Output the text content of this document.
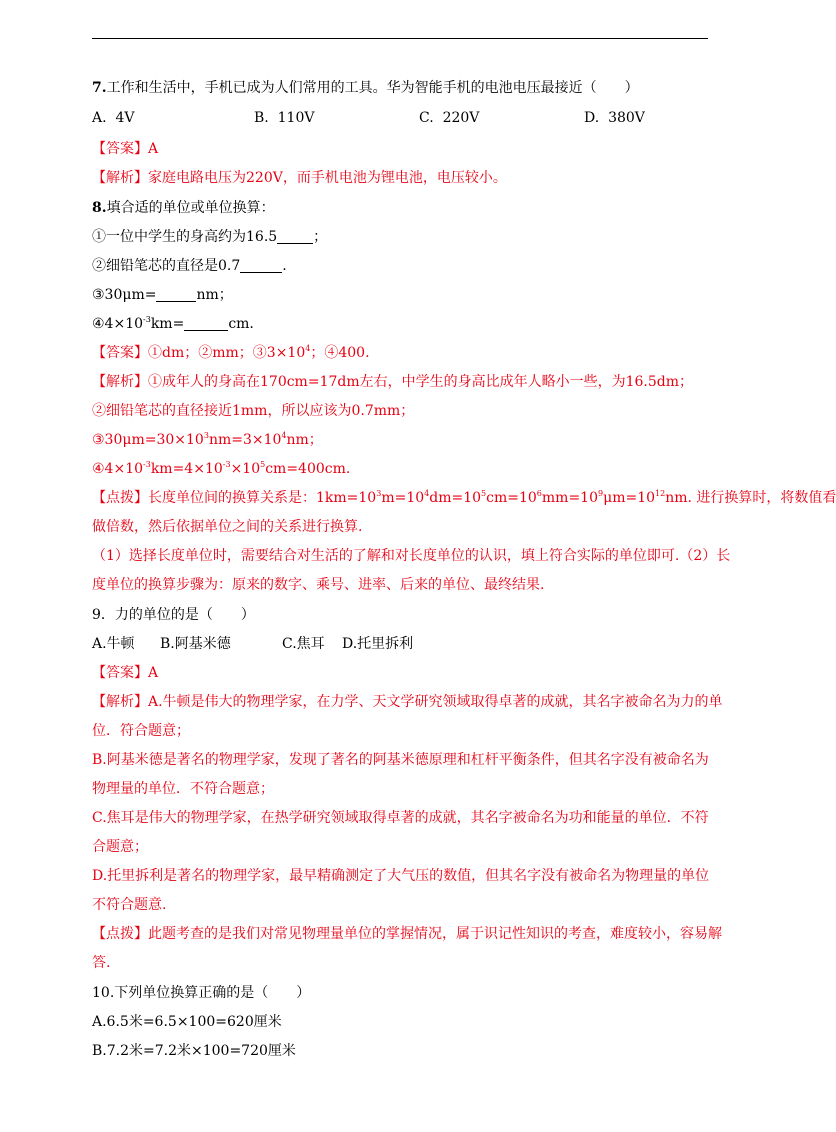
7.工作和生活中，手机已成为人们常用的工具。华为智能手机的电池电压最接近（　　）

A.  4V

	B.  110V

	C.  220V

	D.  380V

【答案】A
【解析】家庭电路电压为220V，而手机电池为锂电池，电压较小。
8.填合适的单位或单位换算：
①一位中学生的身高约为16.5	；
②细铅笔芯的直径是0.7	.
③30μm=	nm；
$④4\times 10^{-3}km=$	cm.
【答案】①dm；②mm；$③3\times 10^4$；④400.
【解析】①成年人的身高在170cm=17dm左右，中学生的身高比成年人略小一些，为16.5dm；
②细铅笔芯的直径接近1mm，所以应该为0.7mm；
$③30\mu m=30\times 10^3nm=3\times 10^4nm$；
$④4\times 10^{-3}km=4\times 10^{-3}\times 10^5cm=400cm$.
【点拨】长度单位间的换算关系是：$1km=10^3m=10^4dm=10^5cm=10^6mm=10^9\mu m=10^{12}nm$. 进行换算时，将数值看
做倍数，然后依据单位之间的关系进行换算.
（1）选择长度单位时，需要结合对生活的了解和对长度单位的认识，填上符合实际的单位即可.（2）长
度单位的换算步骤为：原来的数字、乘号、进率、后来的单位、最终结果.
9．力的单位的是（　　）

A.牛顿

B.阿基米德

	C.焦耳

D.托里拆利

【答案】A
【解析】A.牛顿是伟大的物理学家，在力学、天文学研究领域取得卓著的成就，其名字被命名为力的单
位．符合题意；
B.阿基米德是著名的物理学家，发现了著名的阿基米德原理和杠杆平衡条件，但其名字没有被命名为
物理量的单位．不符合题意；
C.焦耳是伟大的物理学家，在热学研究领域取得卓著的成就，其名字被命名为功和能量的单位．不符
合题意；
D.托里拆利是著名的物理学家，最早精确测定了大气压的数值，但其名字没有被命名为物理量的单位
不符合题意.
【点拨】此题考查的是我们对常见物理量单位的掌握情况，属于识记性知识的考查，难度较小，容易解
答.
10.下列单位换算正确的是（　　）
A.6.5米=6.5×100=620厘米
B.7.2米=7.2米×100=720厘米
